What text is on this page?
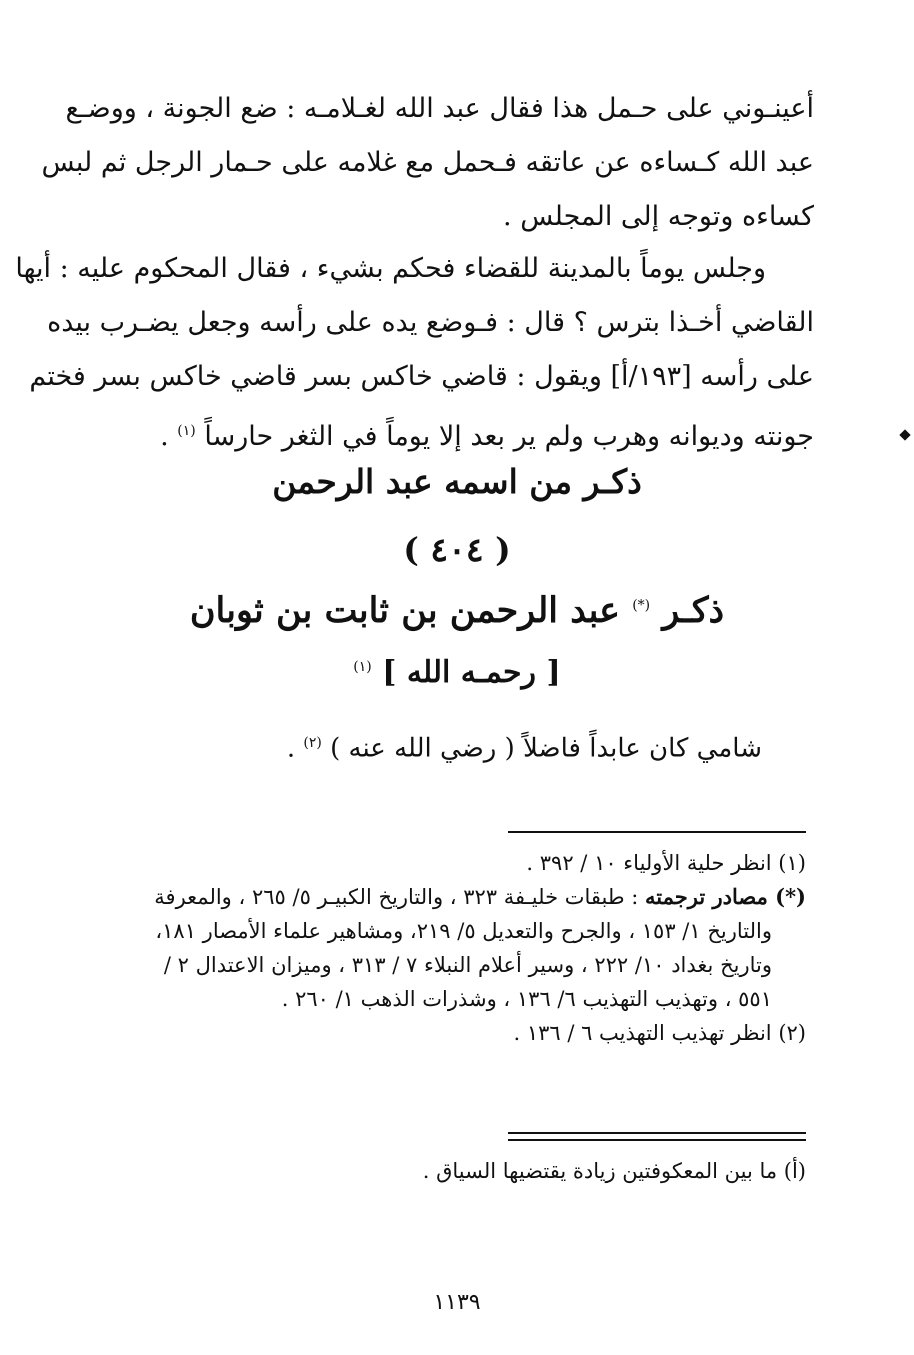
أعينـوني على حـمل هذا فقال عبد الله لغـلامـه : ضع الجونة ، ووضـع
عبد الله كـساءه عن عاتقه فـحمل مع غلامه على حـمار الرجل ثم لبس
كساءه وتوجه إلى المجلس .
وجلس يوماً بالمدينة للقضاء فحكم بشيء ، فقال المحكوم عليه : أيها
القاضي أخـذا بترس ؟ قال : فـوضع يده على رأسه وجعل يضـرب بيده
على رأسه [١٩٣/أ] ويقول : قاضي خاكس بسر قاضي خاكس بسر فختم
جونته وديوانه وهرب ولم ير بعد إلا يوماً في الثغر حارساً $^{(١)}$ .
ذكـر من اسمه عبد الرحمن
( ٤٠٤ )
ذكـر (*) عبد الرحمن بن ثابت بن ثوبان
[ رحمـه الله ] $^{(١)}$
شامي كان عابداً فاضلاً ( رضي الله عنه ) $^{(٢)}$ .
(١) انظر حلية الأولياء ١٠ / ٣٩٢ .
(*) مصادر ترجمته : طبقات خليـفة ٣٢٣ ، والتاريخ الكبيـر ٥/ ٢٦٥ ، والمعرفة
والتاريخ ١/ ١٥٣ ، والجرح والتعديل ٥/ ٢١٩، ومشاهير علماء الأمصار ١٨١،
وتاريخ بغداد ١٠/ ٢٢٢ ، وسير أعلام النبلاء ٧ / ٣١٣ ، وميزان الاعتدال ٢ /
٥٥١ ، وتهذيب التهذيب ٦/ ١٣٦ ، وشذرات الذهب ١/ ٢٦٠ .
(٢) انظر تهذيب التهذيب ٦ / ١٣٦ .
(أ) ما بين المعكوفتين زيادة يقتضيها السياق .
١١٣٩
